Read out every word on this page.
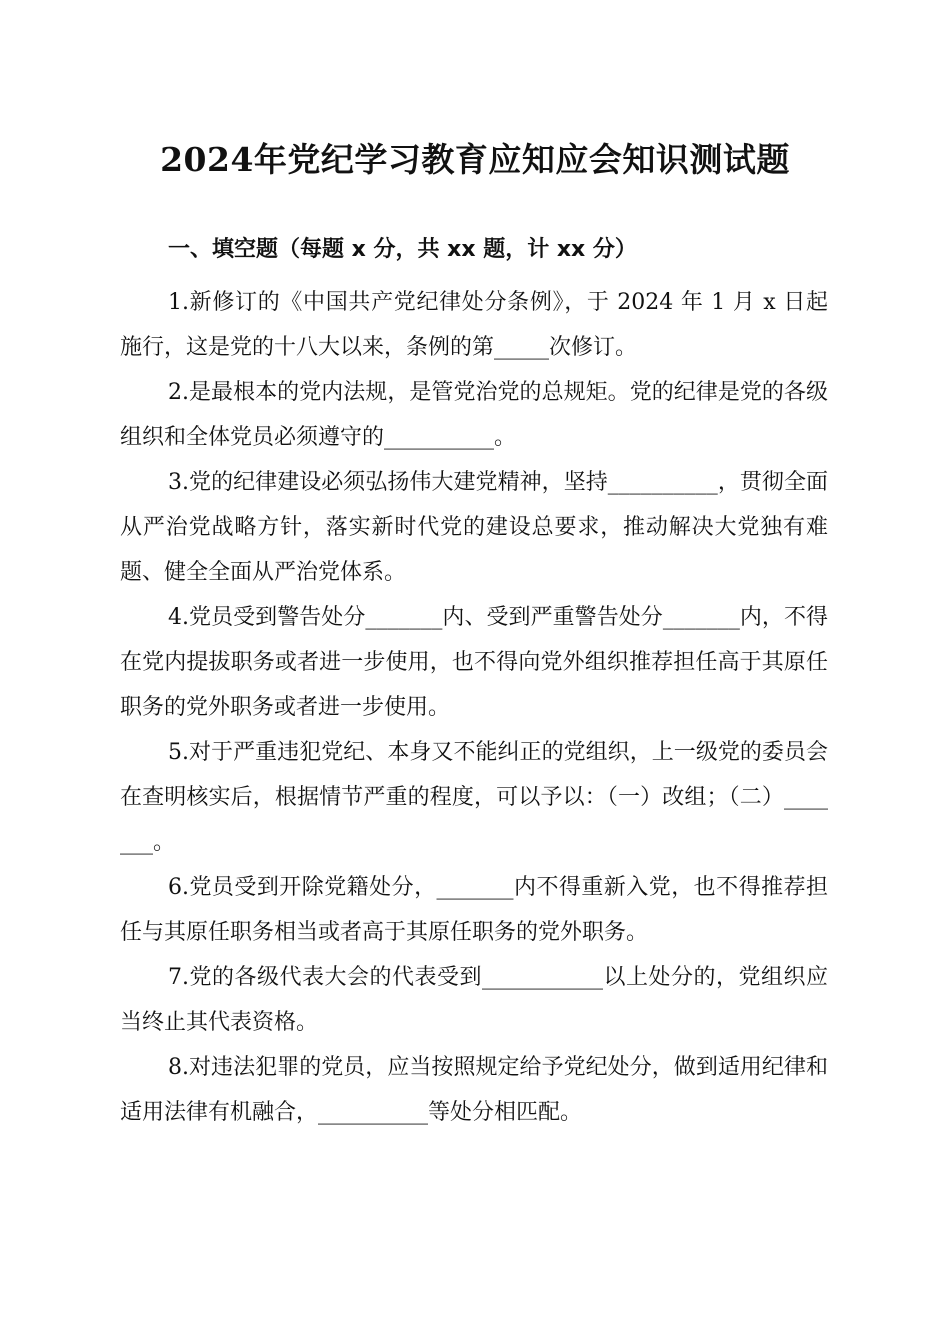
2024年党纪学习教育应知应会知识测试题
一、填空题（每题 x 分，共 xx 题，计 xx 分）
1.新修订的《中国共产党纪律处分条例》，于 2024 年 1 月 x 日起施行，这是党的十八大以来，条例的第_____次修订。
2.是最根本的党内法规，是管党治党的总规矩。党的纪律是党的各级组织和全体党员必须遵守的__________。
3.党的纪律建设必须弘扬伟大建党精神，坚持__________，贯彻全面从严治党战略方针，落实新时代党的建设总要求，推动解决大党独有难题、健全全面从严治党体系。
4.党员受到警告处分_______内、受到严重警告处分_______内，不得在党内提拔职务或者进一步使用，也不得向党外组织推荐担任高于其原任职务的党外职务或者进一步使用。
5.对于严重违犯党纪、本身又不能纠正的党组织，上一级党的委员会在查明核实后，根据情节严重的程度，可以予以：（一）改组；（二）_______。
6.党员受到开除党籍处分，_______内不得重新入党，也不得推荐担任与其原任职务相当或者高于其原任职务的党外职务。
7.党的各级代表大会的代表受到___________以上处分的，党组织应当终止其代表资格。
8.对违法犯罪的党员，应当按照规定给予党纪处分，做到适用纪律和适用法律有机融合，__________等处分相匹配。
